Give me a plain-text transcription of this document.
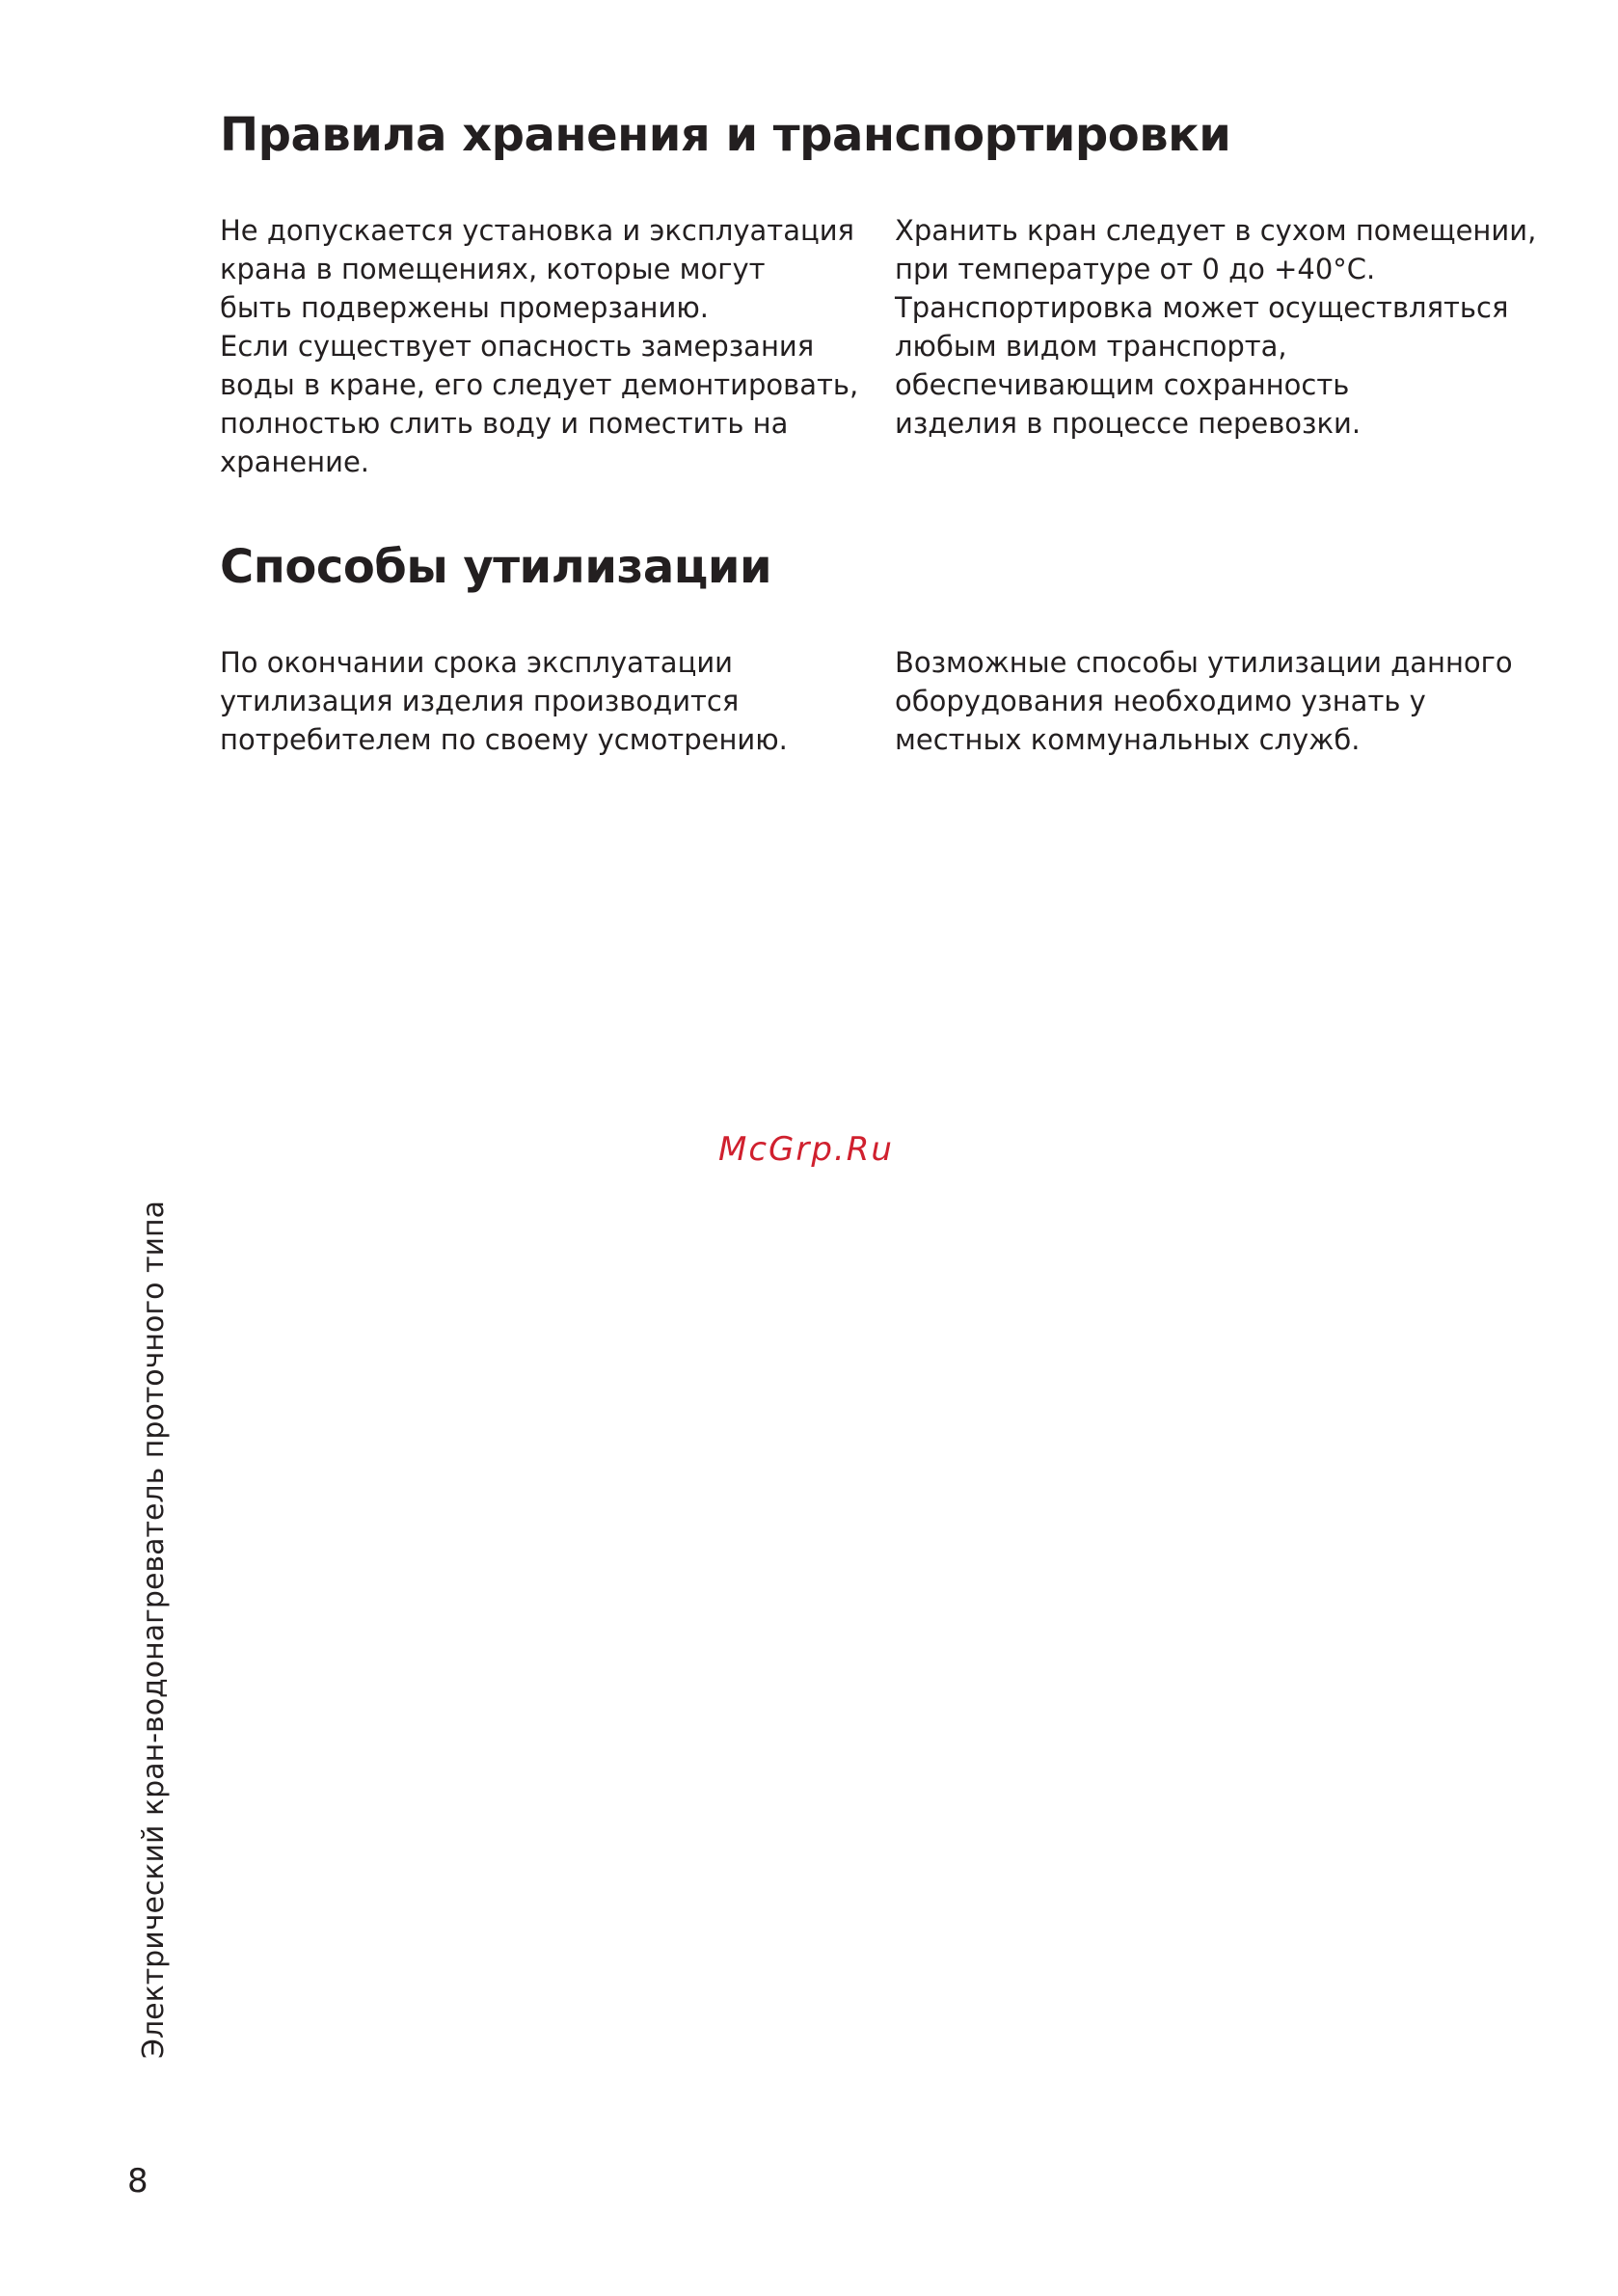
Правила хранения и транспортировки
Не допускается установка и эксплуатация
крана в помещениях, которые могут
быть подвержены промерзанию.
Если существует опасность замерзания
воды в кране, его следует демонтировать,
полностью слить воду и поместить на
хранение.
Хранить кран следует в сухом помещении,
при температуре от 0 до +40°С.
Транспортировка может осуществляться
любым видом транспорта,
обеспечивающим сохранность
изделия в процессе перевозки.
Способы утилизации
По окончании срока эксплуатации
утилизация изделия производится
потребителем по своему усмотрению.
Возможные способы утилизации данного
оборудования необходимо узнать у
местных коммунальных служб.
McGrp.Ru
Электрический кран-водонагреватель проточного типа
8
